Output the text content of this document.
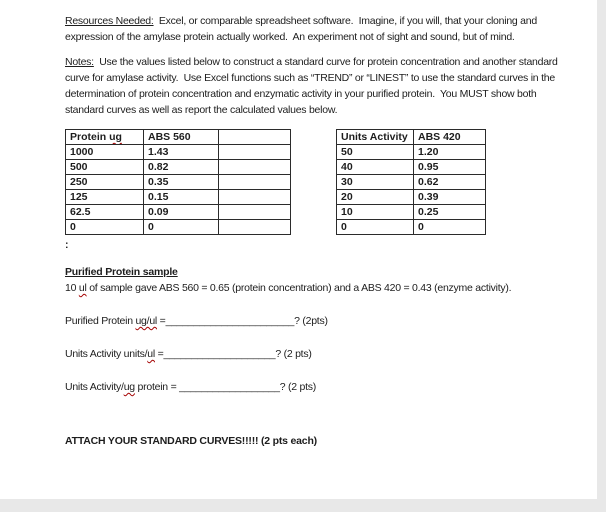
Resources Needed:  Excel, or comparable spreadsheet software.  Imagine, if you will, that your cloning and expression of the amylase protein actually worked.  An experiment not of sight and sound, but of mind.

Notes:  Use the values listed below to construct a standard curve for protein concentration and another standard curve for amylase activity.  Use Excel functions such as “TREND” or “LINEST” to use the standard curves in the determination of protein concentration and enzymatic activity in your purified protein.  You MUST show both standard curves as well as report the calculated values below.

Protein ug	ABS 560	
1000	1.43	
500	0.82	
250	0.35	
125	0.15	
62.5	0.09	
0	0	
Units Activity	ABS 420
50	1.20
40	0.95
30	0.62
20	0.39
10	0.25
0	0

:

Purified Protein sample

10 ul of sample gave ABS 560 = 0.65 (protein concentration) and a ABS 420 = 0.43 (enzyme activity).

Purified Protein ug/ul =_______________________? (2pts)

Units Activity units/ul =____________________? (2 pts)

Units Activity/ug protein = __________________? (2 pts)

ATTACH YOUR STANDARD CURVES!!!!! (2 pts each)
